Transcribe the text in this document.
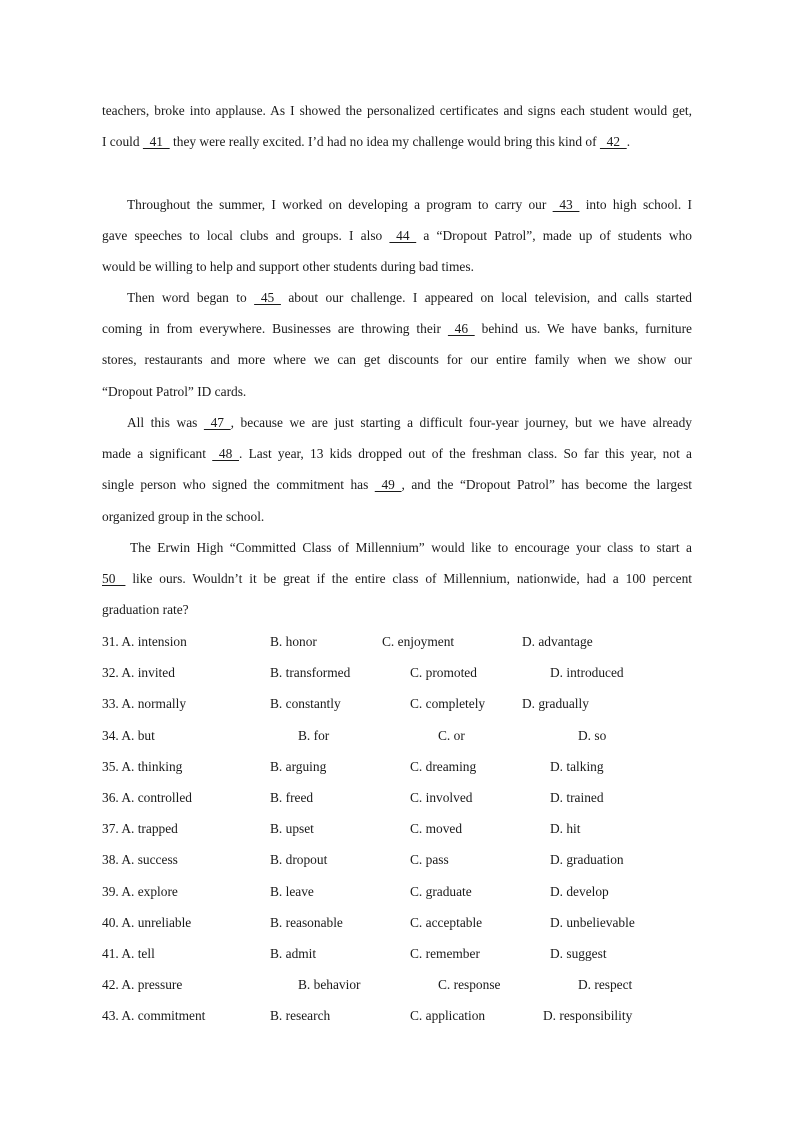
teachers, broke into applause. As I showed the personalized certificates and signs each student would get,
I could   41   they were really excited. I’d had no idea my challenge would bring this kind of   42  .
Throughout the summer, I worked on developing a program to carry our   43   into high school. I
gave speeches to local clubs and groups. I also   44   a “Dropout Patrol”, made up of students who
would be willing to help and support other students during bad times.
Then word began to   45   about our challenge. I appeared on local television, and calls started
coming in from everywhere. Businesses are throwing their   46   behind us. We have banks, furniture
stores, restaurants and more where we can get discounts for our entire family when we show our
“Dropout Patrol” ID cards.
All this was   47  , because we are just starting a difficult four-year journey, but we have already
made a significant   48  . Last year, 13 kids dropped out of the freshman class. So far this year, not a
single person who signed the commitment has   49  , and the “Dropout Patrol” has become the largest
organized group in the school.
The Erwin High “Committed Class of Millennium” would like to encourage your class to start a
50    like ours. Wouldn’t it be great if the entire class of Millennium, nationwide, had a 100 percent
graduation rate?
31. A. intension	B. honor	C. enjoyment	D. advantage
32. A. invited	B. transformed	C. promoted	D. introduced
33. A. normally	B. constantly	C. completely	D. gradually
34. A. but	B. for	C. or	D. so
35. A. thinking	B. arguing	C. dreaming	D. talking
36. A. controlled	B. freed	C. involved	D. trained
37. A. trapped	B. upset	C. moved	D. hit
38. A. success	B. dropout	C. pass	D. graduation
39. A. explore	B. leave	C. graduate	D. develop
40. A. unreliable	B. reasonable	C. acceptable	D. unbelievable
41. A. tell	B. admit	C. remember	D. suggest
42. A. pressure	B. behavior	C. response	D. respect
43. A. commitment	B. research	C. application	D. responsibility
